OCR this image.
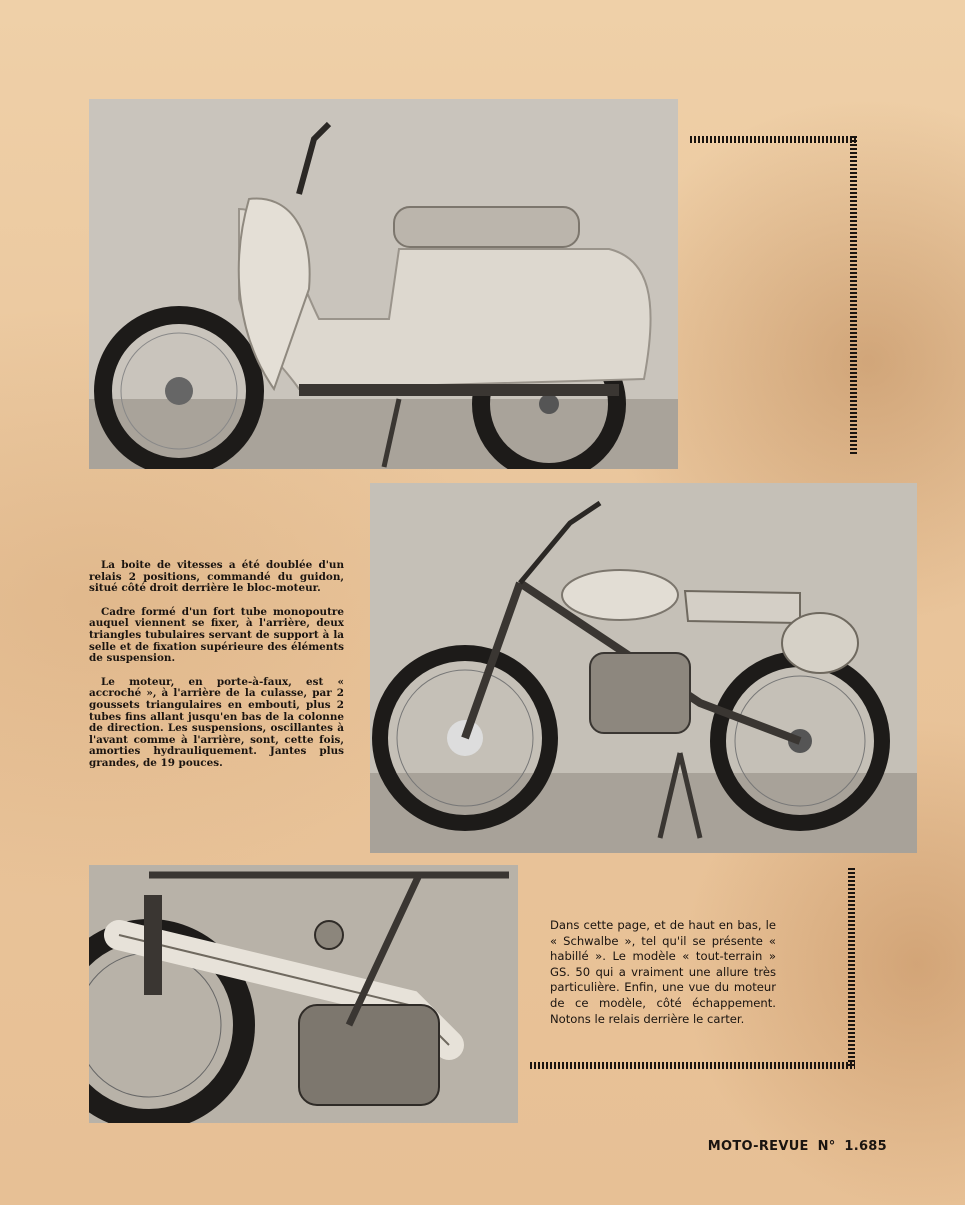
La boite de vitesses a été doublée d'un relais 2 positions, commandé du guidon, situé côté droit derrière le bloc-moteur.

Cadre formé d'un fort tube monopoutre auquel viennent se fixer, à l'arrière, deux triangles tubulaires servant de support à la selle et de fixation supérieure des éléments de suspension.

Le moteur, en porte-à-faux, est « accroché », à l'arrière de la culasse, par 2 goussets triangulaires en embouti, plus 2 tubes fins allant jusqu'en bas de la colonne de direction. Les suspensions, oscillantes à l'avant comme à l'arrière, sont, cette fois, amorties hydrauliquement. Jantes plus grandes, de 19 pouces.

Dans cette page, et de haut en bas, le « Schwalbe », tel qu'il se présente « habillé ». Le modèle « tout-terrain » GS. 50 qui a vraiment une allure très particulière. Enfin, une vue du moteur de ce modèle, côté échappement. Notons le relais derrière le carter.
MOTO-REVUE N° 1.685
